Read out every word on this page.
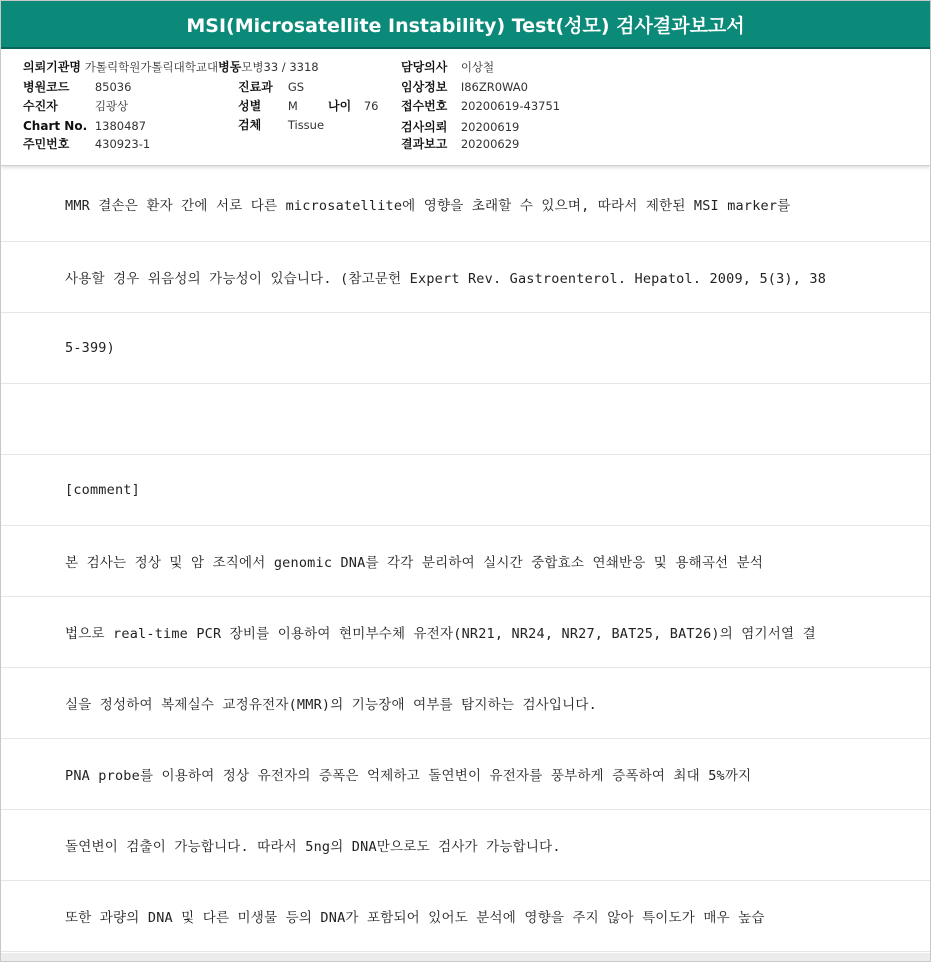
MSI(Microsatellite Instability) Test(성모) 검사결과보고서
의뢰기관명 가톨릭학원가톨릭대학교대병동모병33 / 3318
병원코드 85036
수진자	김광상
Chart No. 1380487
주민번호 430923-1
진료과 GS
성별 M	나이 76
검체 Tissue
담당의사 이상철
임상정보 I86ZR0WA0
접수번호 20200619-43751
검사의뢰 20200619
결과보고 20200629
MMR 결손은 환자 간에 서로 다른 microsatellite에 영향을 초래할 수 있으며, 따라서 제한된 MSI marker를
사용할 경우 위음성의 가능성이 있습니다. (참고문헌 Expert Rev. Gastroenterol. Hepatol. 2009, 5(3), 38
5-399)
[comment]
본 검사는 정상 및 암 조직에서 genomic DNA를 각각 분리하여 실시간 중합효소 연쇄반응 및 용해곡선 분석
법으로 real-time PCR 장비를 이용하여 현미부수체 유전자(NR21, NR24, NR27, BAT25, BAT26)의 염기서열 결
실을 정성하여 복제실수 교정유전자(MMR)의 기능장애 여부를 탐지하는 검사입니다.
PNA probe를 이용하여 정상 유전자의 증폭은 억제하고 돌연변이 유전자를 풍부하게 증폭하여 최대 5%까지
돌연변이 검출이 가능합니다. 따라서 5ng의 DNA만으로도 검사가 가능합니다.
또한 과량의 DNA 및 다른 미생물 등의 DNA가 포함되어 있어도 분석에 영향을 주지 않아 특이도가 매우 높습
